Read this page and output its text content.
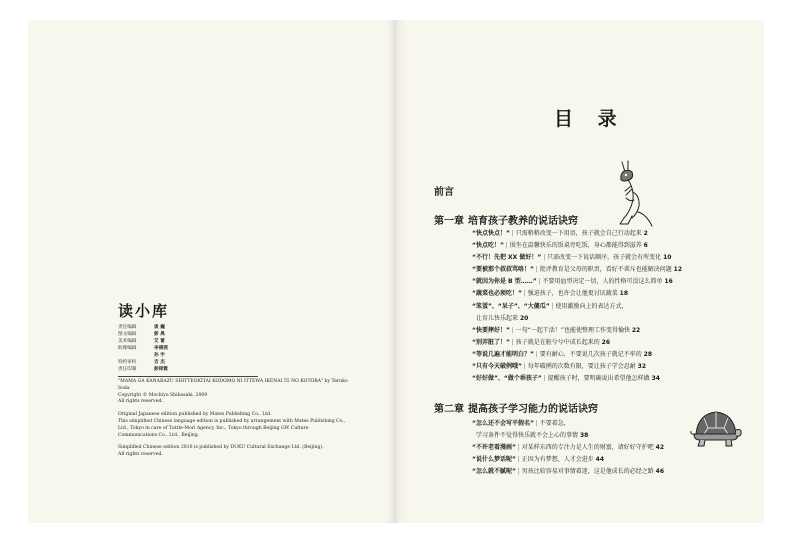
读小库
责任编辑	谈 巍
图文编辑	彭 禹
美术编辑	艾 雷
助理编辑	李倩茜
孙 宇
特约审校	吉 杰
责任印制	彭铎雅

"MAMA GA KANARAZU SHITTEOKITAI KODOMO NI ITTEWA IKENAI 55 NO KOTOBA" by Teruko Soda
Copyright © Mochiyo Shibasaki, 2009
All rights reserved.

Original Japanese edition published by Mates Publishing Co., Ltd.
This simplified Chinese language edition is published by arrangement with Mates Publishing Co., Ltd., Tokyo in care of Tuttle-Mori Agency, Inc., Tokyo through Beijing GW Culture Communications Co., Ltd., Beijing.

Simplified Chinese edition 2016 is published by DUKU Cultural Exchange Ltd. (Beijing).
All rights reserved.

目 录
前言
第一章 培育孩子教养的说话诀窍
“快点快点！” | 只需稍稍改变一下用语，孩子就会自己行动起来 2
“快点吃！” | 围坐在温馨快乐的饭桌旁吃饭，身心都能得到滋养 6
“不行！先把 XX 做好！” | 只需改变一下说话顺序，孩子就会有所变化 10
“要被那个叔叔骂咯！” | 批评教育是父母的职责，看好不训斥也能解决问题 12
“就因为你是 B 型……” | 不要用血型决定一切，人的性格可没这么简单 16
“蔬菜也必须吃！” | 强迫孩子，也许会让他更讨厌蔬菜 18
“笨蛋”、“呆子”、“大傻瓜” | 使用激励向上的表达方式，
让育儿快乐起来 20
“快要摔好！” | 一句“一起干活！”也能使整理工作变得愉快 22
“别弄脏了！” | 孩子就是在脏兮兮中成长起来的 26
“等说几遍才能明白？” | 要有耐心，不要说几次孩子就记不牢的 28
“只有今天破例哦” | 每年破例的次数有限，要让孩子学会忍耐 32
“好好做”、“做个乖孩子” | 提醒孩子时，要明确说出希望他怎样做 34
第二章 提高孩子学习能力的说话诀窍
“怎么还不会写平假名” | 不要着急，
学习条件不觉得快乐就不会上心的事情 38
“不许老看漫画” | 对某样东西的专注力是人生的财富，请好好守护吧 42
“说什么梦话呢” | 正因为有梦想，人才会进步 44
“怎么就不腻呢” | 男孩比较容易对事情着迷，这是他成长的必经之路 46
